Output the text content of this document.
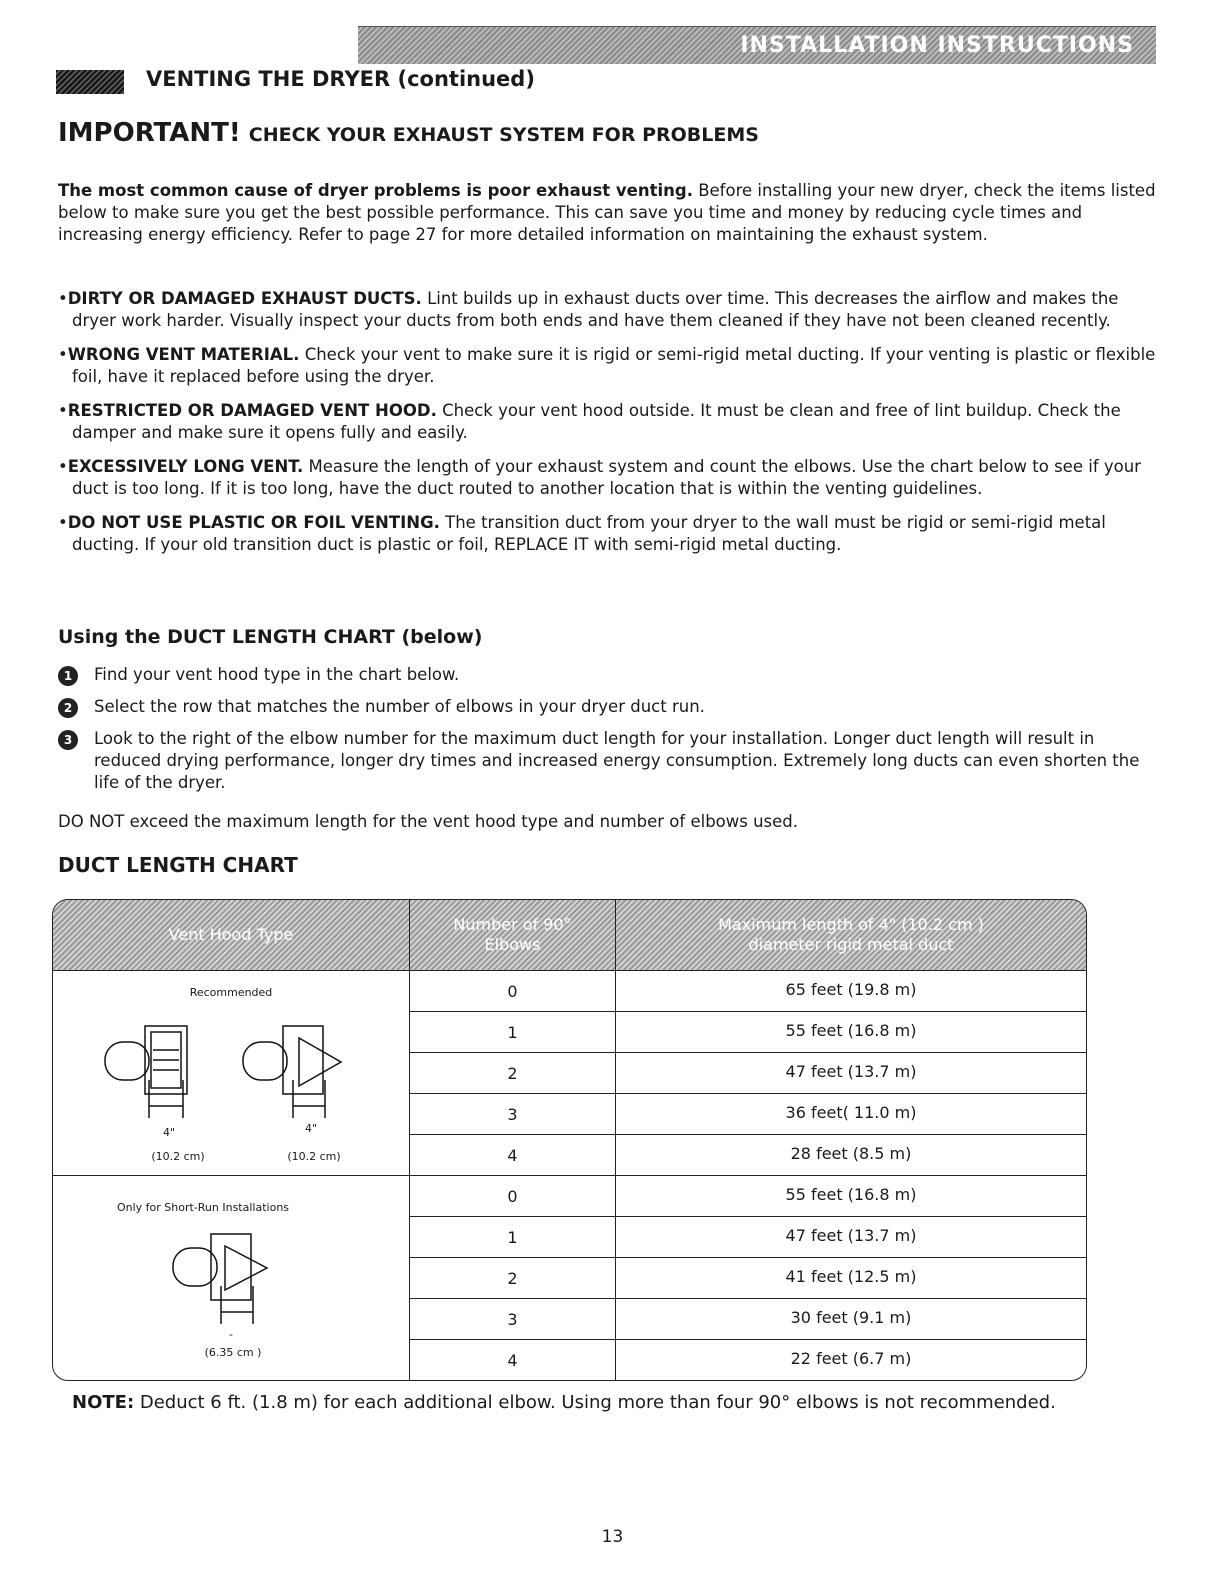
INSTALLATION INSTRUCTIONS
VENTING THE DRYER (continued)
IMPORTANT! CHECK YOUR EXHAUST SYSTEM FOR PROBLEMS
The most common cause of dryer problems is poor exhaust venting. Before installing your new dryer, check the items listed below to make sure you get the best possible performance. This can save you time and money by reducing cycle times and increasing energy efficiency. Refer to page 27 for more detailed information on maintaining the exhaust system.
•DIRTY OR DAMAGED EXHAUST DUCTS. Lint builds up in exhaust ducts over time. This decreases the airflow and makes the dryer work harder. Visually inspect your ducts from both ends and have them cleaned if they have not been cleaned recently.
•WRONG VENT MATERIAL. Check your vent to make sure it is rigid or semi-rigid metal ducting. If your venting is plastic or flexible foil, have it replaced before using the dryer.
•RESTRICTED OR DAMAGED VENT HOOD. Check your vent hood outside. It must be clean and free of lint buildup. Check the damper and make sure it opens fully and easily.
•EXCESSIVELY LONG VENT. Measure the length of your exhaust system and count the elbows. Use the chart below to see if your duct is too long. If it is too long, have the duct routed to another location that is within the venting guidelines.
•DO NOT USE PLASTIC OR FOIL VENTING. The transition duct from your dryer to the wall must be rigid or semi-rigid metal ducting. If your old transition duct is plastic or foil, REPLACE IT with semi-rigid metal ducting.
Using the DUCT LENGTH CHART (below)
1	Find your vent hood type in the chart below.
2	Select the row that matches the number of elbows in your dryer duct run.
3	Look to the right of the elbow number for the maximum duct length for your installation. Longer duct length will result in reduced drying performance, longer dry times and increased energy consumption. Extremely long ducts can even shorten the life of the dryer.
DO NOT exceed the maximum length for the vent hood type and number of elbows used.
DUCT LENGTH CHART
Vent Hood Type
Number of 90° Elbows
Maximum length of 4" (10.2 cm ) diameter rigid metal duct
Recommended
4"
(10.2 cm)
4"
(10.2 cm)
0	65 feet (19.8 m)
1	55 feet (16.8 m)
2	47 feet (13.7 m)
3	36 feet( 11.0 m)
4	28 feet (8.5 m)
Only for Short-Run Installations
-
(6.35 cm )
0	55 feet (16.8 m)
1	47 feet (13.7 m)
2	41 feet (12.5 m)
3	30 feet (9.1 m)
4	22 feet (6.7 m)
NOTE: Deduct 6 ft. (1.8 m) for each additional elbow. Using more than four 90° elbows is not recommended.
13
